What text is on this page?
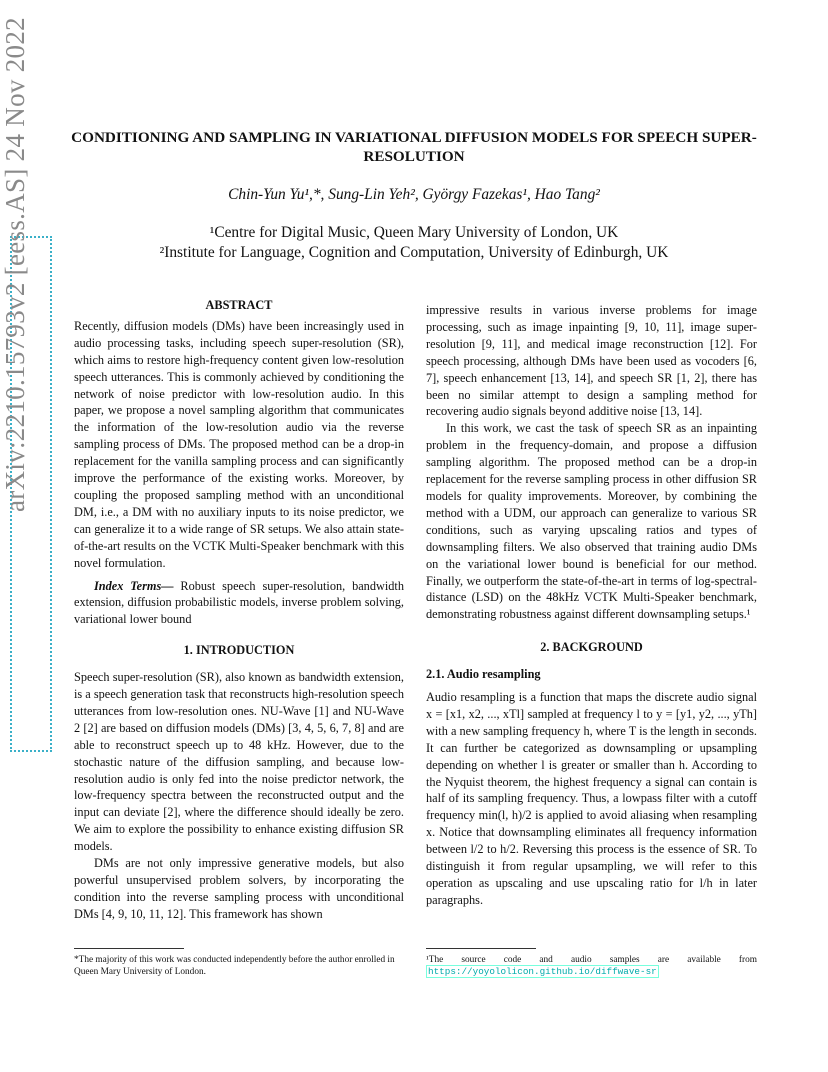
arXiv:2210.15793v2 [eess.AS] 24 Nov 2022	CONDITIONING AND SAMPLING IN VARIATIONAL DIFFUSION MODELS FOR SPEECH SUPER-RESOLUTION
Chin-Yun Yu¹,*, Sung-Lin Yeh², György Fazekas¹, Hao Tang²
¹Centre for Digital Music, Queen Mary University of London, UK
²Institute for Language, Cognition and Computation, University of Edinburgh, UK
ABSTRACT

Recently, diffusion models (DMs) have been increasingly used in audio processing tasks, including speech super-resolution (SR), which aims to restore high-frequency content given low-resolution speech utterances. This is commonly achieved by conditioning the network of noise predictor with low-resolution audio. In this paper, we propose a novel sampling algorithm that communicates the information of the low-resolution audio via the reverse sampling process of DMs. The proposed method can be a drop-in replacement for the vanilla sampling process and can significantly improve the performance of the existing works. Moreover, by coupling the proposed sampling method with an unconditional DM, i.e., a DM with no auxiliary inputs to its noise predictor, we can generalize it to a wide range of SR setups. We also attain state-of-the-art results on the VCTK Multi-Speaker benchmark with this novel formulation.

Index Terms— Robust speech super-resolution, bandwidth extension, diffusion probabilistic models, inverse problem solving, variational lower bound

1. INTRODUCTION

Speech super-resolution (SR), also known as bandwidth extension, is a speech generation task that reconstructs high-resolution speech utterances from low-resolution ones. NU-Wave [1] and NU-Wave 2 [2] are based on diffusion models (DMs) [3, 4, 5, 6, 7, 8] and are able to reconstruct speech up to 48 kHz. However, due to the stochastic nature of the diffusion sampling, and because low-resolution audio is only fed into the noise predictor network, the low-frequency spectra between the reconstructed output and the input can deviate [2], where the difference should ideally be zero. We aim to explore the possibility to enhance existing diffusion SR models.

DMs are not only impressive generative models, but also powerful unsupervised problem solvers, by incorporating the condition into the reverse sampling process with unconditional DMs [4, 9, 10, 11, 12]. This framework has shown

*The majority of this work was conducted independently before the author enrolled in Queen Mary University of London.

impressive results in various inverse problems for image processing, such as image inpainting [9, 10, 11], image super-resolution [9, 11], and medical image reconstruction [12]. For speech processing, although DMs have been used as vocoders [6, 7], speech enhancement [13, 14], and speech SR [1, 2], there has been no similar attempt to design a sampling method for recovering audio signals beyond additive noise [13, 14].

In this work, we cast the task of speech SR as an inpainting problem in the frequency-domain, and propose a diffusion sampling algorithm. The proposed method can be a drop-in replacement for the reverse sampling process in other diffusion SR models for quality improvements. Moreover, by combining the method with a UDM, our approach can generalize to various SR conditions, such as varying upscaling ratios and types of downsampling filters. We also observed that training audio DMs on the variational lower bound is beneficial for our method. Finally, we outperform the state-of-the-art in terms of log-spectral-distance (LSD) on the 48kHz VCTK Multi-Speaker benchmark, demonstrating robustness against different downsampling setups.¹

2. BACKGROUND

2.1. Audio resampling

Audio resampling is a function that maps the discrete audio signal x = [x1, x2, ..., xTl] sampled at frequency l to y = [y1, y2, ..., yTh] with a new sampling frequency h, where T is the length in seconds. It can further be categorized as downsampling or upsampling depending on whether l is greater or smaller than h. According to the Nyquist theorem, the highest frequency a signal can contain is half of its sampling frequency. Thus, a lowpass filter with a cutoff frequency min(l, h)/2 is applied to avoid aliasing when resampling x. Notice that downsampling eliminates all frequency information between l/2 to h/2. Reversing this process is the essence of SR. To distinguish it from regular upsampling, we will refer to this operation as upscaling and use upscaling ratio for l/h in later paragraphs.

¹The source code and audio samples are available from https://yoyololicon.github.io/diffwave-sr
